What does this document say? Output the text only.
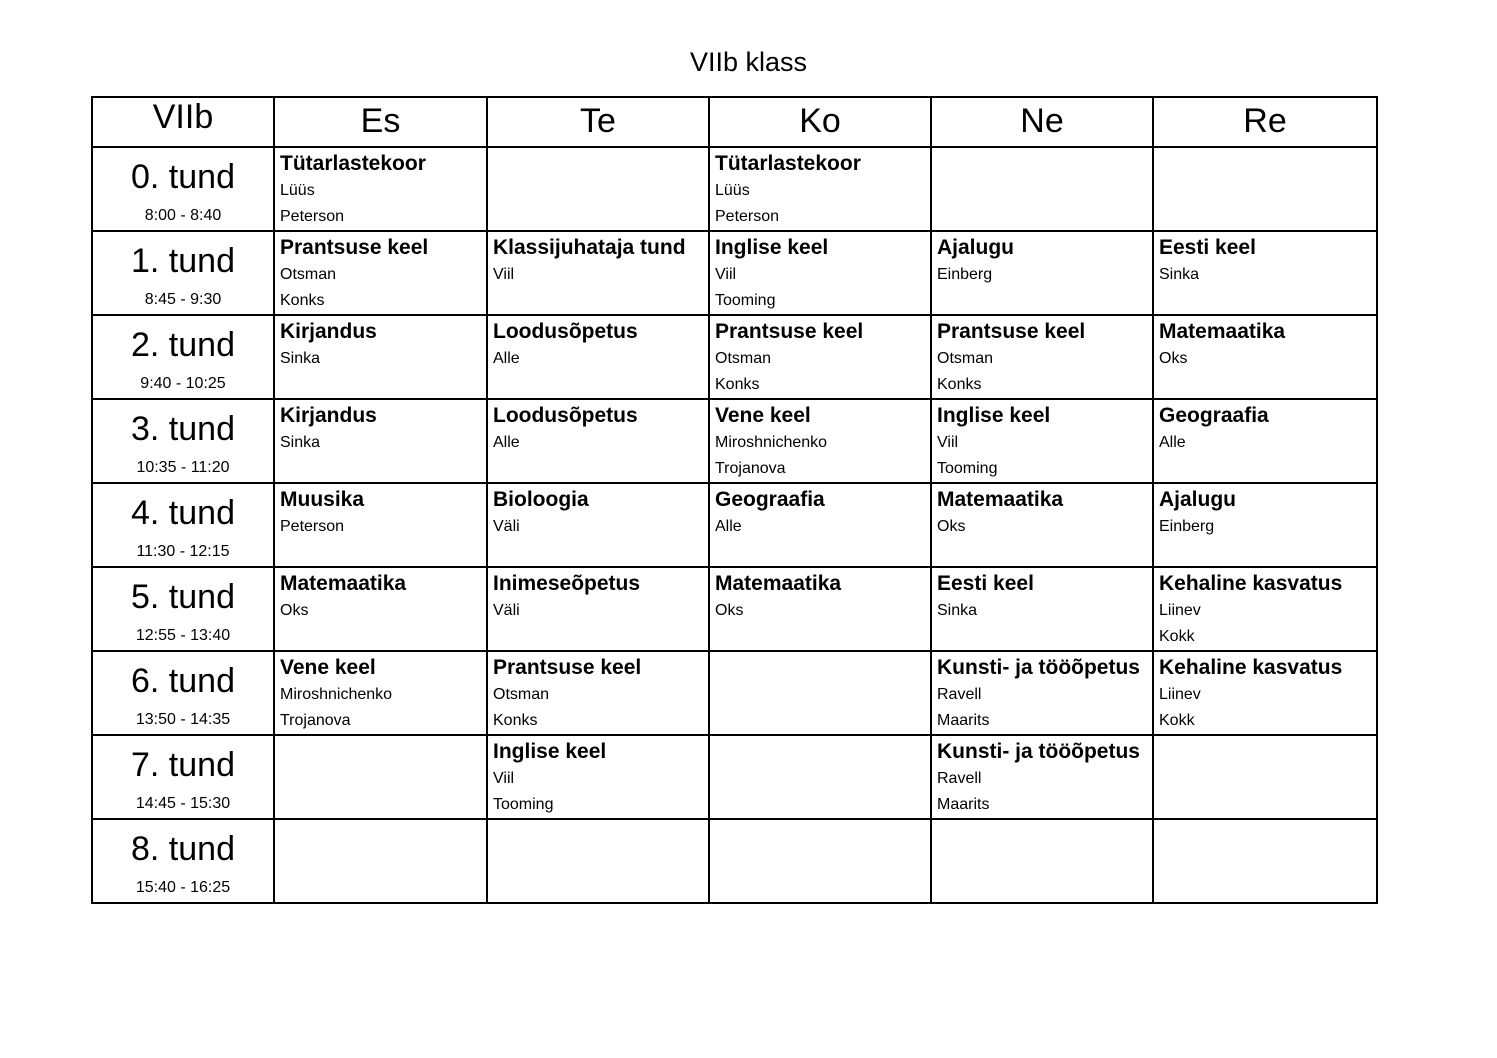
VIIb klass
VIIb	Es	Te	Ko	Ne	Re

0. tund
8:00 - 8:40	Tütarlastekoor
Lüüs
Peterson		Tütarlastekoor
Lüüs
Peterson		

1. tund
8:45 - 9:30	Prantsuse keel
Otsman
Konks	Klassijuhataja tund
Viil	Inglise keel
Viil
Tooming	Ajalugu
Einberg	Eesti keel
Sinka

2. tund
9:40 - 10:25	Kirjandus
Sinka	Loodusõpetus
Alle	Prantsuse keel
Otsman
Konks	Prantsuse keel
Otsman
Konks	Matemaatika
Oks

3. tund
10:35 - 11:20	Kirjandus
Sinka	Loodusõpetus
Alle	Vene keel
Miroshnichenko
Trojanova	Inglise keel
Viil
Tooming	Geograafia
Alle

4. tund
11:30 - 12:15	Muusika
Peterson	Bioloogia
Väli	Geograafia
Alle	Matemaatika
Oks	Ajalugu
Einberg

5. tund
12:55 - 13:40	Matemaatika
Oks	Inimeseõpetus
Väli	Matemaatika
Oks	Eesti keel
Sinka	Kehaline kasvatus
Liinev
Kokk

6. tund
13:50 - 14:35	Vene keel
Miroshnichenko
Trojanova	Prantsuse keel
Otsman
Konks		Kunsti- ja tööõpetus
Ravell
Maarits	Kehaline kasvatus
Liinev
Kokk

7. tund
14:45 - 15:30		Inglise keel
Viil
Tooming		Kunsti- ja tööõpetus
Ravell
Maarits	

8. tund
15:40 - 16:25					
